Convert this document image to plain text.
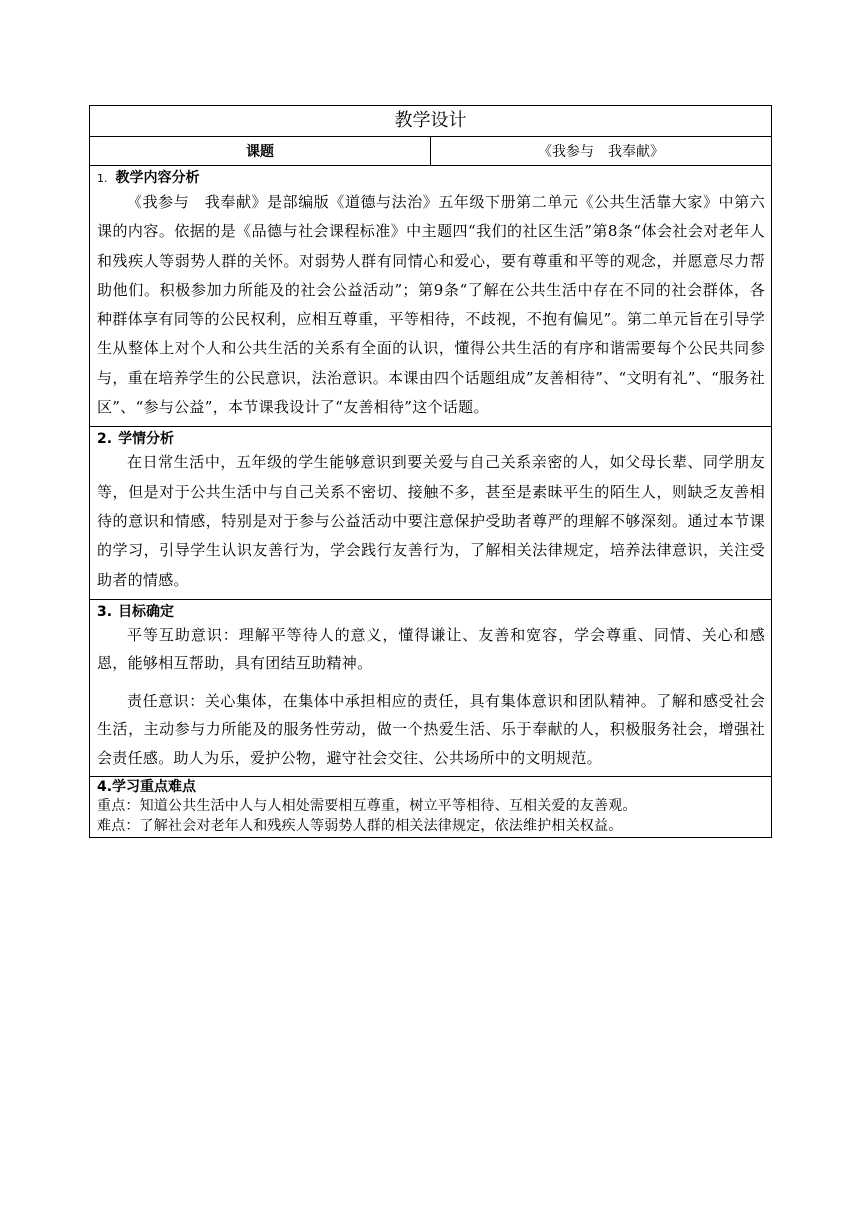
教学设计
课题	《我参与　我奉献》

1. 教学内容分析

《我参与　我奉献》是部编版《道德与法治》五年级下册第二单元《公共生活靠大家》中第六课的内容。依据的是《品德与社会课程标准》中主题四“我们的社区生活”第8条“体会社会对老年人和残疾人等弱势人群的关怀。对弱势人群有同情心和爱心，要有尊重和平等的观念，并愿意尽力帮助他们。积极参加力所能及的社会公益活动”；第9条“了解在公共生活中存在不同的社会群体，各种群体享有同等的公民权利，应相互尊重，平等相待，不歧视，不抱有偏见”。第二单元旨在引导学生从整体上对个人和公共生活的关系有全面的认识，懂得公共生活的有序和谐需要每个公民共同参与，重在培养学生的公民意识，法治意识。本课由四个话题组成”友善相待”、“文明有礼”、“服务社区”、“参与公益”，本节课我设计了“友善相待”这个话题。

2. 学情分析

在日常生活中，五年级的学生能够意识到要关爱与自己关系亲密的人，如父母长辈、同学朋友等，但是对于公共生活中与自己关系不密切、接触不多，甚至是素昧平生的陌生人，则缺乏友善相待的意识和情感，特别是对于参与公益活动中要注意保护受助者尊严的理解不够深刻。通过本节课的学习，引导学生认识友善行为，学会践行友善行为，了解相关法律规定，培养法律意识，关注受助者的情感。

3. 目标确定

平等互助意识：理解平等待人的意义，懂得谦让、友善和宽容，学会尊重、同情、关心和感恩，能够相互帮助，具有团结互助精神。

责任意识：关心集体，在集体中承担相应的责任，具有集体意识和团队精神。了解和感受社会生活，主动参与力所能及的服务性劳动，做一个热爱生活、乐于奉献的人，积极服务社会，增强社会责任感。助人为乐，爱护公物，避守社会交往、公共场所中的文明规范。

4.学习重点难点

重点：知道公共生活中人与人相处需要相互尊重，树立平等相待、互相关爱的友善观。

难点：了解社会对老年人和残疾人等弱势人群的相关法律规定，依法维护相关权益。
